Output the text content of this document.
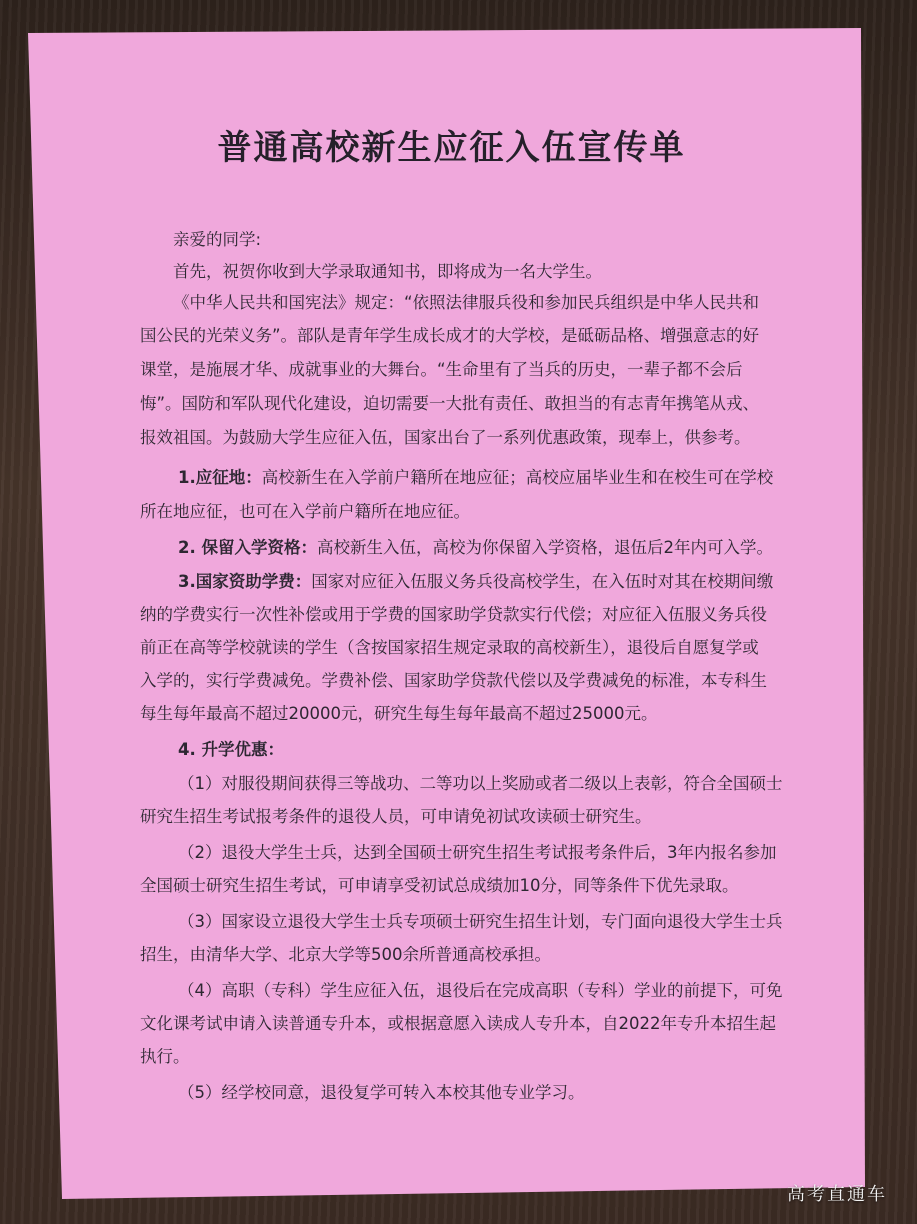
普通高校新生应征入伍宣传单
亲爱的同学:
首先，祝贺你收到大学录取通知书，即将成为一名大学生。
《中华人民共和国宪法》规定：“依照法律服兵役和参加民兵组织是中华人民共和
国公民的光荣义务”。部队是青年学生成长成才的大学校，是砥砺品格、增强意志的好
课堂，是施展才华、成就事业的大舞台。“生命里有了当兵的历史，一辈子都不会后
悔”。国防和军队现代化建设，迫切需要一大批有责任、敢担当的有志青年携笔从戎、
报效祖国。为鼓励大学生应征入伍，国家出台了一系列优惠政策，现奉上，供参考。
1.应征地：高校新生在入学前户籍所在地应征；高校应届毕业生和在校生可在学校
所在地应征，也可在入学前户籍所在地应征。
2. 保留入学资格：高校新生入伍，高校为你保留入学资格，退伍后2年内可入学。
3.国家资助学费：国家对应征入伍服义务兵役高校学生，在入伍时对其在校期间缴
纳的学费实行一次性补偿或用于学费的国家助学贷款实行代偿；对应征入伍服义务兵役
前正在高等学校就读的学生（含按国家招生规定录取的高校新生），退役后自愿复学或
入学的，实行学费减免。学费补偿、国家助学贷款代偿以及学费减免的标准，本专科生
每生每年最高不超过20000元，研究生每生每年最高不超过25000元。
4. 升学优惠：
（1）对服役期间获得三等战功、二等功以上奖励或者二级以上表彰，符合全国硕士
研究生招生考试报考条件的退役人员，可申请免初试攻读硕士研究生。
（2）退役大学生士兵，达到全国硕士研究生招生考试报考条件后，3年内报名参加
全国硕士研究生招生考试，可申请享受初试总成绩加10分，同等条件下优先录取。
（3）国家设立退役大学生士兵专项硕士研究生招生计划，专门面向退役大学生士兵
招生，由清华大学、北京大学等500余所普通高校承担。
（4）高职（专科）学生应征入伍，退役后在完成高职（专科）学业的前提下，可免
文化课考试申请入读普通专升本，或根据意愿入读成人专升本，自2022年专升本招生起
执行。
（5）经学校同意，退役复学可转入本校其他专业学习。
高考直通车
